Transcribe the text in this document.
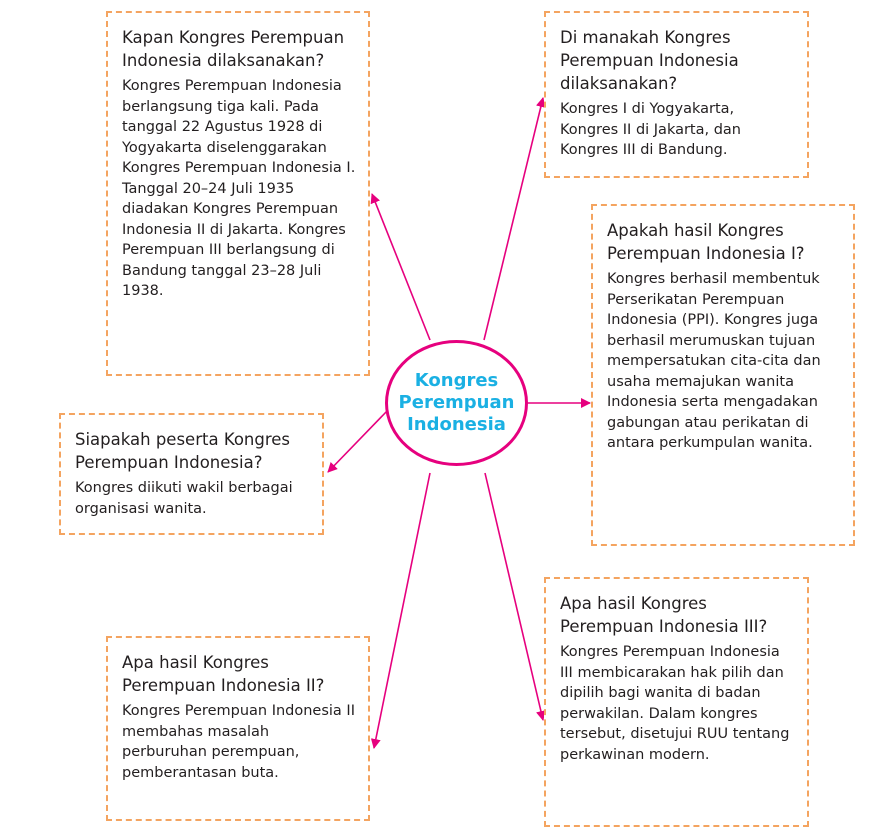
Kapan Kongres Perempuan Indonesia dilaksanakan?

Kongres Perempuan Indonesia berlangsung tiga kali. Pada tanggal 22 Agustus 1928 di Yogyakarta diselenggarakan Kongres Perempuan Indonesia I. Tanggal 20–24 Juli 1935 diadakan Kongres Perempuan Indonesia II di Jakarta. Kongres Perempuan III berlangsung di Bandung tanggal 23–28 Juli 1938.

Di manakah Kongres Perempuan Indonesia dilaksanakan?

Kongres I di Yogyakarta, Kongres II di Jakarta, dan Kongres III di Bandung.

Apakah hasil Kongres Perempuan Indonesia I?

Kongres berhasil membentuk Perserikatan Perempuan Indonesia (PPI). Kongres juga berhasil merumuskan tujuan mempersatukan cita-cita dan usaha memajukan wanita Indonesia serta mengadakan gabungan atau perikatan di antara perkumpulan wanita.

Siapakah peserta Kongres Perempuan Indonesia?

Kongres diikuti wakil berbagai organisasi wanita.

Apa hasil Kongres Perempuan Indonesia II?

Kongres Perempuan Indonesia II membahas masalah perburuhan perempuan, pemberantasan buta.

Apa hasil Kongres Perempuan Indonesia III?

Kongres Perempuan Indonesia III membicarakan hak pilih dan dipilih bagi wanita di badan perwakilan. Dalam kongres tersebut, disetujui RUU tentang perkawinan modern.

Kongres
Perempuan
Indonesia
